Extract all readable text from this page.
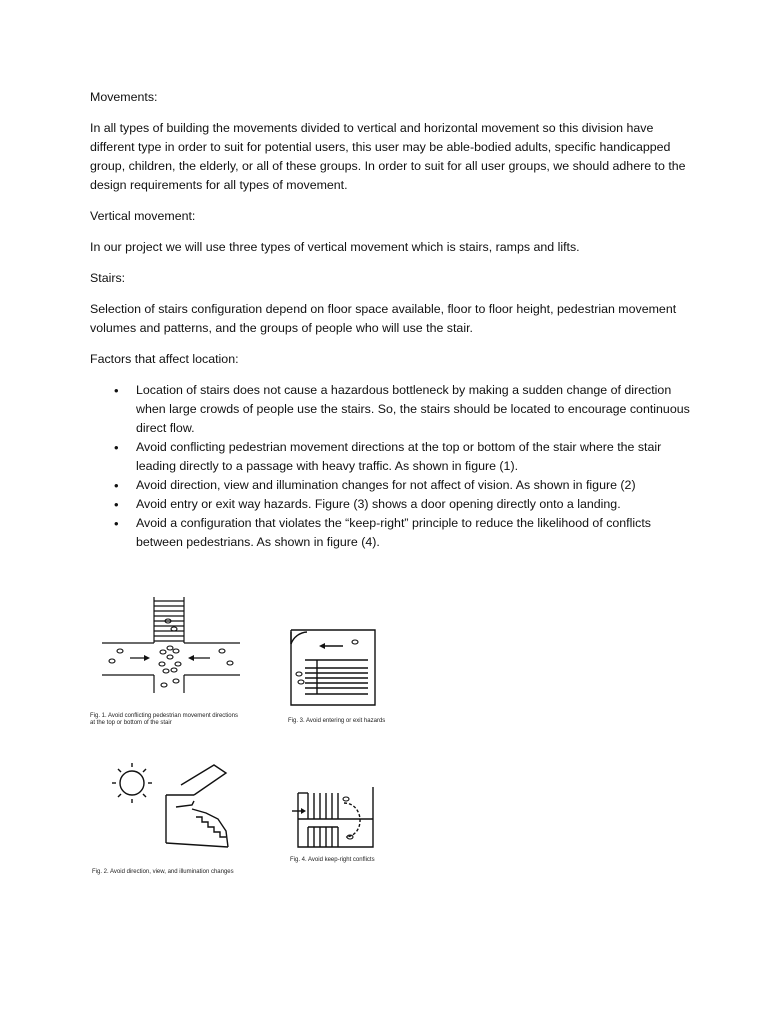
Movements:

In all types of building the movements divided to vertical and horizontal movement so this division have different type in order to suit for potential users, this user may be able-bodied adults, specific handicapped group, children, the elderly, or all of these groups. In order to suit for all user groups, we should adhere to the design requirements for all types of movement.

Vertical movement:

In our project we will use three types of vertical movement which is stairs, ramps and lifts.

Stairs:

Selection of stairs configuration depend on floor space available, floor to floor height, pedestrian movement volumes and patterns, and the groups of people who will use the stair.

Factors that affect location:

• Location of stairs does not cause a hazardous bottleneck by making a sudden change of direction when large crowds of people use the stairs. So, the stairs should be located to encourage continuous direct flow.
• Avoid conflicting pedestrian movement directions at the top or bottom of the stair where the stair leading directly to a passage with heavy traffic. As shown in figure (1).
• Avoid direction, view and illumination changes for not affect of vision. As shown in figure (2)
• Avoid entry or exit way hazards. Figure (3) shows a door opening directly onto a landing.
• Avoid a configuration that violates the “keep-right” principle to reduce the likelihood of conflicts between pedestrians. As shown in figure (4).
Fig. 1. Avoid conflicting pedestrian movement directions
at the top or bottom of the stair	Fig. 3. Avoid entering or exit hazards
Fig. 2. Avoid direction, view, and illumination changes
Fig. 4. Avoid keep-right conflicts
